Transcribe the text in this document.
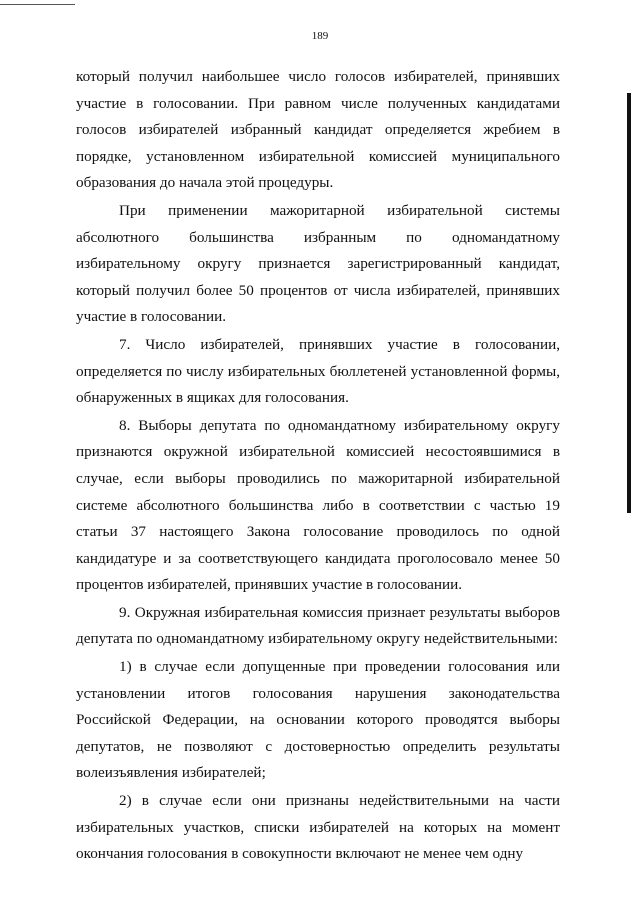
189

который получил наибольшее число голосов избирателей, принявших участие в голосовании. При равном числе полученных кандидатами голосов избирателей избранный кандидат определяется жребием в порядке, установленном избирательной комиссией муниципального образования до начала этой процедуры.

При применении мажоритарной избирательной системы абсолютного большинства избранным по одномандатному избирательному округу признается зарегистрированный кандидат, который получил более 50 процентов от числа избирателей, принявших участие в голосовании.

7. Число избирателей, принявших участие в голосовании, определяется по числу избирательных бюллетеней установленной формы, обнаруженных в ящиках для голосования.

8. Выборы депутата по одномандатному избирательному округу признаются окружной избирательной комиссией несостоявшимися в случае, если выборы проводились по мажоритарной избирательной системе абсолютного большинства либо в соответствии с частью 19 статьи 37 настоящего Закона голосование проводилось по одной кандидатуре и за соответствующего кандидата проголосовало менее 50 процентов избирателей, принявших участие в голосовании.

9. Окружная избирательная комиссия признает результаты выборов депутата по одномандатному избирательному округу недействительными:

1) в случае если допущенные при проведении голосования или установлении итогов голосования нарушения законодательства Российской Федерации, на основании которого проводятся выборы депутатов, не позволяют с достоверностью определить результаты волеизъявления избирателей;

2) в случае если они признаны недействительными на части избирательных участков, списки избирателей на которых на момент окончания голосования в совокупности включают не менее чем одну
